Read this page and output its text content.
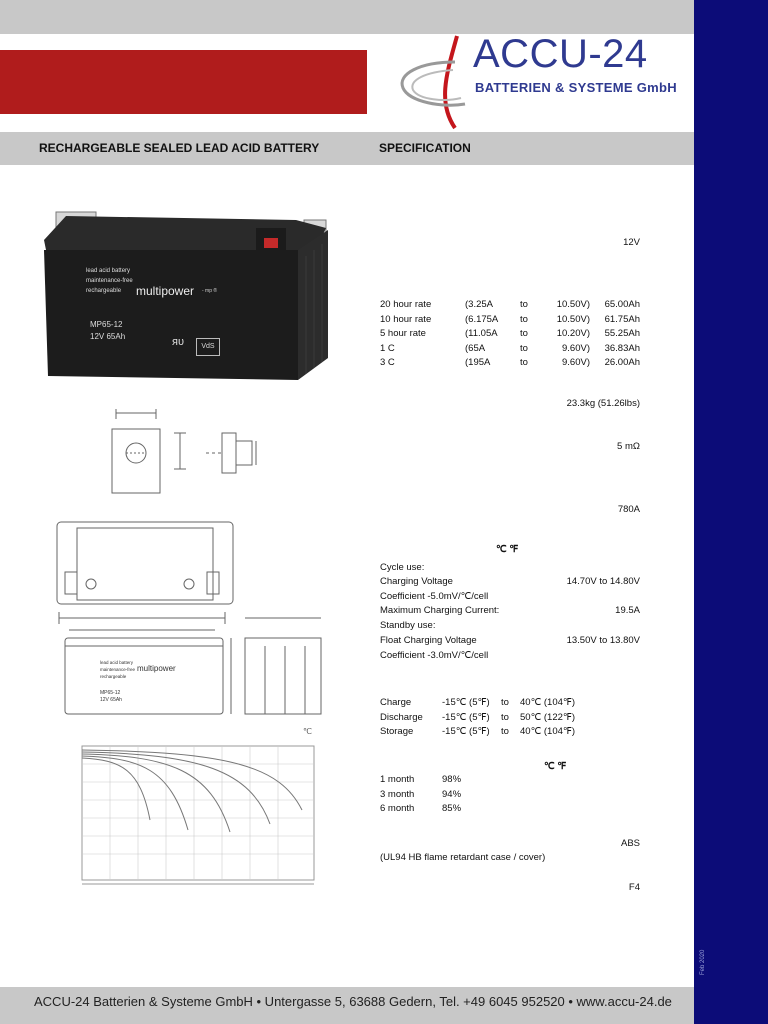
Feb 2020
ACCU-24
BATTERIEN & SYSTEME GmbH
RECHARGEABLE SEALED LEAD ACID BATTERY	SPECIFICATION
lead acid battery
maintenance-free
rechargeable multipower - mp ®
MP65-12
12V 65Ah
VdS
ᴙᴜ
lead acid battery
maintenance-free
rechargeable
multipower
MP65-12
12V 65Ah
℃
12V
20 hour rate	(3.25A	to	10.50V)	65.00Ah
10 hour rate	(6.175A to	10.50V)	61.75Ah
5 hour rate	(11.05A to	10.20V)	55.25Ah
1 C	(65A	to	9.60V)	36.83Ah
3 C	(195A	to	9.60V)	26.00Ah
23.3kg (51.26lbs)
5 mΩ
780A
℃ ℉
Cycle use:
Charging Voltage	14.70V to 14.80V
Coefficient -5.0mV/℃/cell
Maximum Charging Current:	19.5A
Standby use:
Float Charging Voltage	13.50V to 13.80V
Coefficient -3.0mV/℃/cell
Charge	-15℃ (5℉) to 40℃ (104℉)
Discharge -15℃ (5℉) to 50℃ (122℉)
Storage	-15℃ (5℉) to 40℃ (104℉)
℃ ℉
1 month	98%
3 month	94%
6 month	85%
ABS
(UL94 HB flame retardant case / cover)
F4
ACCU-24 Batterien & Systeme GmbH • Untergasse 5, 63688 Gedern, Tel. +49 6045 952520 • www.accu-24.de
